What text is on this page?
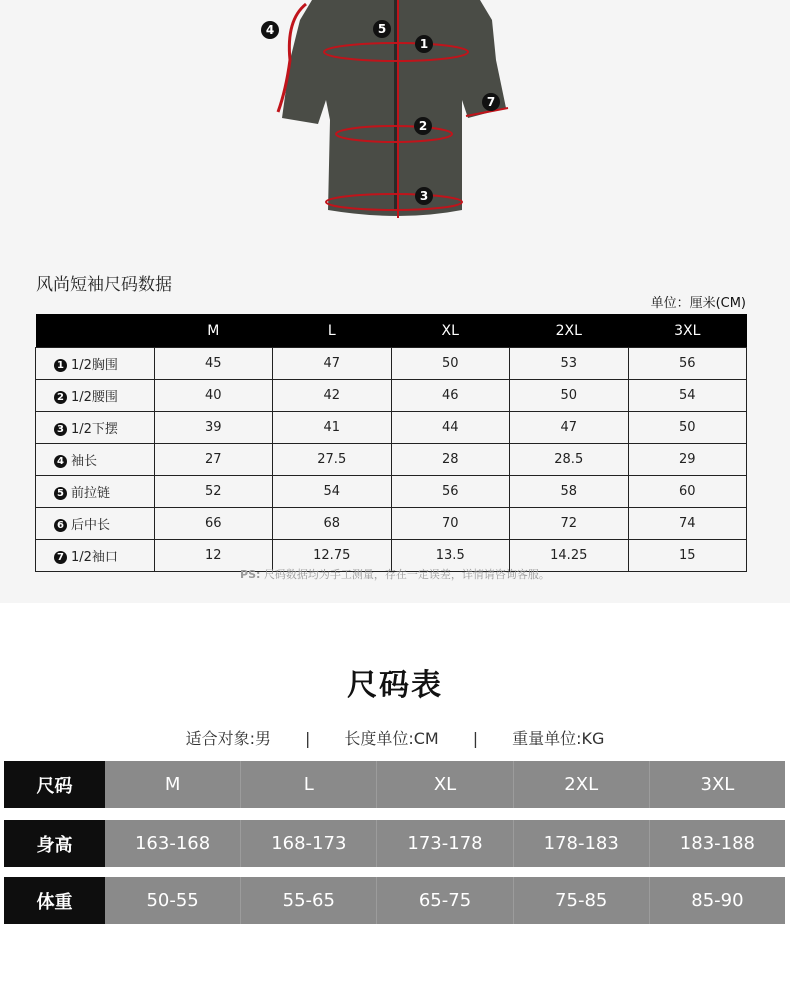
4	5
1
2
3
7
风尚短袖尺码数据
单位：厘米(CM)
	M	L	XL	2XL	3XL
1 1/2胸围	45	47	50	53	56
2 1/2腰围	40	42	46	50	54
3 1/2下摆	39	41	44	47	50
4 袖长	27	27.5	28	28.5	29
5 前拉链	52	54	56	58	60
6 后中长	66	68	70	72	74
7 1/2袖口	12	12.75	13.5	14.25	15
PS: 尺码数据均为手工测量，存在一定误差，详情请咨询客服。
尺码表
适合对象:男 | 长度单位:CM | 重量单位:KG
尺码	M	L	XL	2XL	3XL
身高	163-168	168-173	173-178	178-183	183-188
体重	50-55	55-65	65-75	75-85	85-90
